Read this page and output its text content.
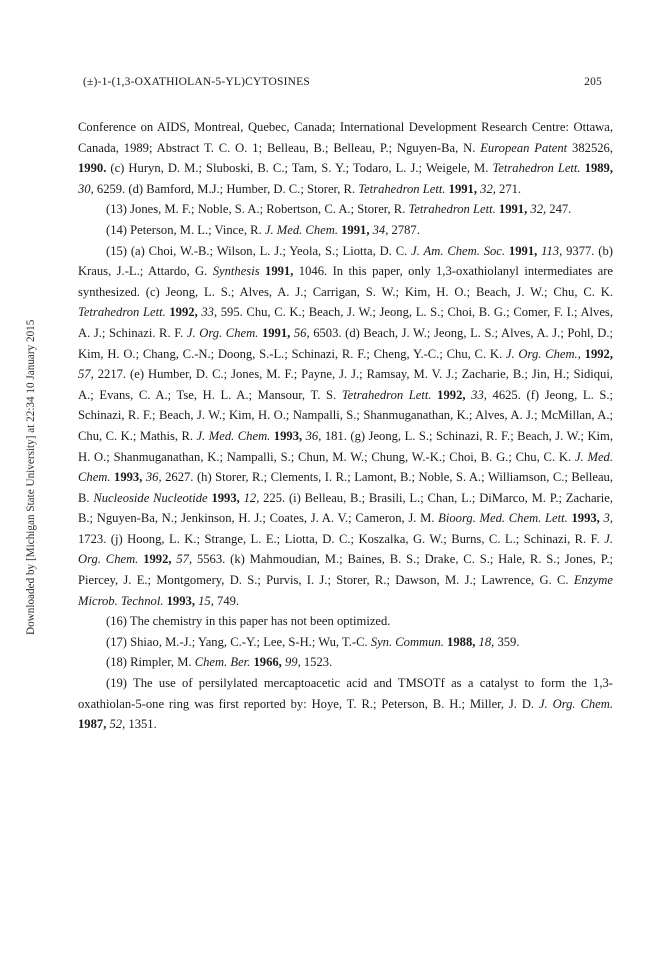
(±)-1-(1,3-OXATHIOLAN-5-YL)CYTOSINES	205
Downloaded by [Michigan State University] at 22:34 10 January 2015

Conference on AIDS, Montreal, Quebec, Canada; International Development Research Centre: Ottawa, Canada, 1989; Abstract T. C. O. 1; Belleau, B.; Belleau, P.; Nguyen-Ba, N. European Patent 382526, 1990. (c) Huryn, D. M.; Sluboski, B. C.; Tam, S. Y.; Todaro, L. J.; Weigele, M. Tetrahedron Lett. 1989, 30, 6259. (d) Bamford, M.J.; Humber, D. C.; Storer, R. Tetrahedron Lett. 1991, 32, 271.

(13) Jones, M. F.; Noble, S. A.; Robertson, C. A.; Storer, R. Tetrahedron Lett. 1991, 32, 247.

(14) Peterson, M. L.; Vince, R. J. Med. Chem. 1991, 34, 2787.

(15) (a) Choi, W.-B.; Wilson, L. J.; Yeola, S.; Liotta, D. C. J. Am. Chem. Soc. 1991, 113, 9377. (b) Kraus, J.-L.; Attardo, G. Synthesis 1991, 1046. In this paper, only 1,3-oxathiolanyl intermediates are synthesized. (c) Jeong, L. S.; Alves, A. J.; Carrigan, S. W.; Kim, H. O.; Beach, J. W.; Chu, C. K. Tetrahedron Lett. 1992, 33, 595. Chu, C. K.; Beach, J. W.; Jeong, L. S.; Choi, B. G.; Comer, F. I.; Alves, A. J.; Schinazi. R. F. J. Org. Chem. 1991, 56, 6503. (d) Beach, J. W.; Jeong, L. S.; Alves, A. J.; Pohl, D.; Kim, H. O.; Chang, C.-N.; Doong, S.-L.; Schinazi, R. F.; Cheng, Y.-C.; Chu, C. K. J. Org. Chem., 1992, 57, 2217. (e) Humber, D. C.; Jones, M. F.; Payne, J. J.; Ramsay, M. V. J.; Zacharie, B.; Jin, H.; Sidiqui, A.; Evans, C. A.; Tse, H. L. A.; Mansour, T. S. Tetrahedron Lett. 1992, 33, 4625. (f) Jeong, L. S.; Schinazi, R. F.; Beach, J. W.; Kim, H. O.; Nampalli, S.; Shanmuganathan, K.; Alves, A. J.; McMillan, A.; Chu, C. K.; Mathis, R. J. Med. Chem. 1993, 36, 181. (g) Jeong, L. S.; Schinazi, R. F.; Beach, J. W.; Kim, H. O.; Shanmuganathan, K.; Nampalli, S.; Chun, M. W.; Chung, W.-K.; Choi, B. G.; Chu, C. K. J. Med. Chem. 1993, 36, 2627. (h) Storer, R.; Clements, I. R.; Lamont, B.; Noble, S. A.; Williamson, C.; Belleau, B. Nucleoside Nucleotide 1993, 12, 225. (i) Belleau, B.; Brasili, L.; Chan, L.; DiMarco, M. P.; Zacharie, B.; Nguyen-Ba, N.; Jenkinson, H. J.; Coates, J. A. V.; Cameron, J. M. Bioorg. Med. Chem. Lett. 1993, 3, 1723. (j) Hoong, L. K.; Strange, L. E.; Liotta, D. C.; Koszalka, G. W.; Burns, C. L.; Schinazi, R. F. J. Org. Chem. 1992, 57, 5563. (k) Mahmoudian, M.; Baines, B. S.; Drake, C. S.; Hale, R. S.; Jones, P.; Piercey, J. E.; Montgomery, D. S.; Purvis, I. J.; Storer, R.; Dawson, M. J.; Lawrence, G. C. Enzyme Microb. Technol. 1993, 15, 749.

(16) The chemistry in this paper has not been optimized.

(17) Shiao, M.-J.; Yang, C.-Y.; Lee, S-H.; Wu, T.-C. Syn. Commun. 1988, 18, 359.

(18) Rimpler, M. Chem. Ber. 1966, 99, 1523.

(19) The use of persilylated mercaptoacetic acid and TMSOTf as a catalyst to form the 1,3-oxathiolan-5-one ring was first reported by: Hoye, T. R.; Peterson, B. H.; Miller, J. D. J. Org. Chem. 1987, 52, 1351.
